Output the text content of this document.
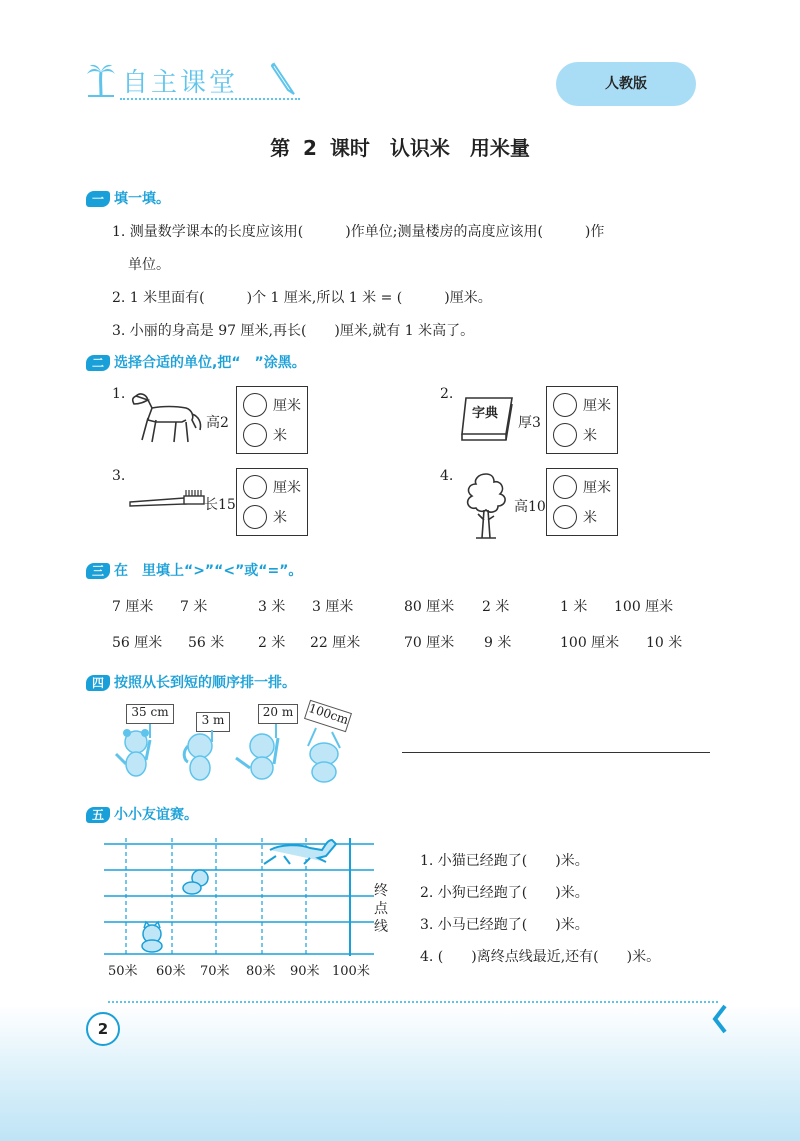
自主课堂	人教版
第 2 课时　认识米　用米量
一 填一填。
1. 测量数学课本的长度应该用(　　　)作单位;测量楼房的高度应该用(　　　)作
单位。
2. 1 米里面有(　　　)个 1 厘米,所以 1 米 = (　　　)厘米。
3. 小丽的身高是 97 厘米,再长(　　)厘米,就有 1 米高了。
二 选择合适的单位,把“　”涂黑。
1.
高2
厘米
米
2.
字典
厚3
厘米
米
3.
长15
厘米
米
4.
高10
厘米
米
三 在　里填上“>”“<”或“=”。
7 厘米 7 米	3 米 3 厘米	80 厘米 2 米	1 米 100 厘米
56 厘米 56 米 2 米 22 厘米	70 厘米 9 米	100 厘米 10 米
四 按照从长到短的顺序排一排。
35 cm
3 m
20 m	100cm
五 小小友谊赛。
50米 60米 70米 80米 90米 100米
终
点
线
1. 小猫已经跑了(　　)米。
2. 小狗已经跑了(　　)米。
3. 小马已经跑了(　　)米。
4. (　　)离终点线最近,还有(　　)米。
2
